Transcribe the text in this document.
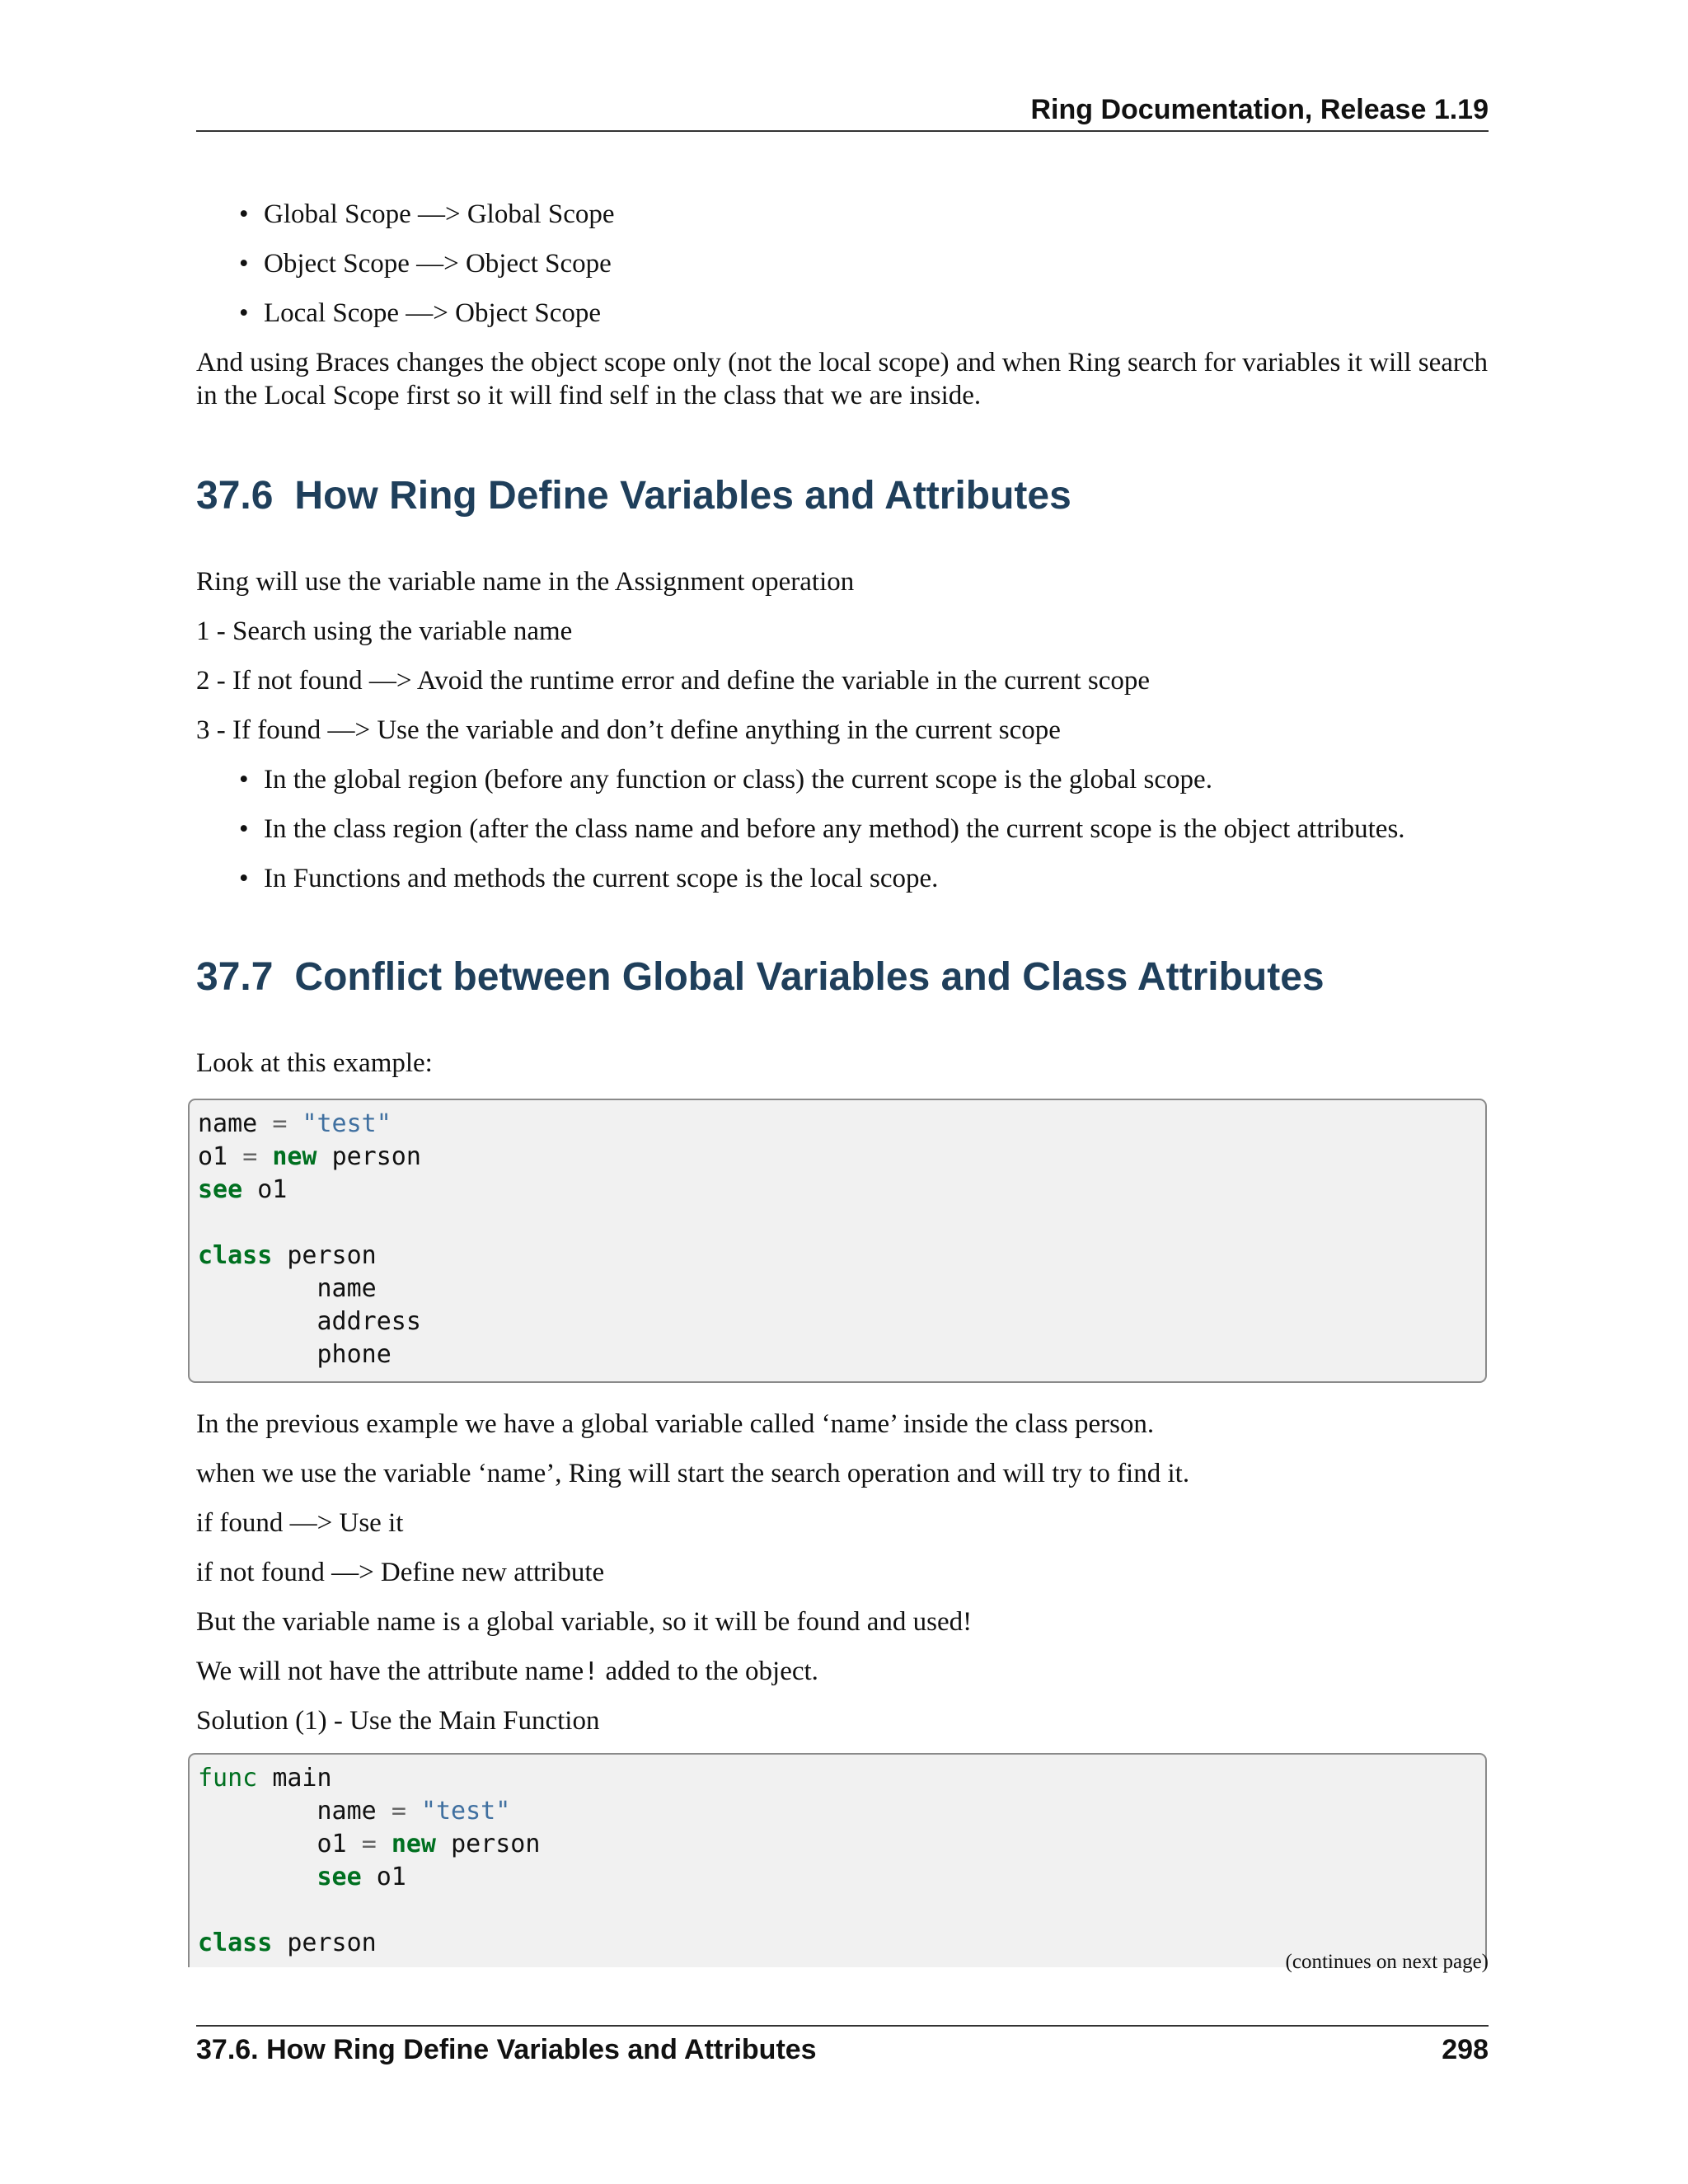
Ring Documentation, Release 1.19
• Global Scope —> Global Scope
• Object Scope —> Object Scope
• Local Scope —> Object Scope

And using Braces changes the object scope only (not the local scope) and when Ring search for variables it will search in the Local Scope first so it will find self in the class that we are inside.

37.6 How Ring Define Variables and Attributes

Ring will use the variable name in the Assignment operation

1 - Search using the variable name

2 - If not found —> Avoid the runtime error and define the variable in the current scope

3 - If found —> Use the variable and don’t define anything in the current scope

• In the global region (before any function or class) the current scope is the global scope.
• In the class region (after the class name and before any method) the current scope is the object attributes.
• In Functions and methods the current scope is the local scope.
37.7 Conflict between Global Variables and Class Attributes

Look at this example:

name = "test"
o1 = new person
see o1
class person
name
address
phone

In the previous example we have a global variable called ‘name’ inside the class person.

when we use the variable ‘name’, Ring will start the search operation and will try to find it.

if found —> Use it

if not found —> Define new attribute

But the variable name is a global variable, so it will be found and used!

We will not have the attribute name! added to the object.

Solution (1) - Use the Main Function

func main
name = "test"
o1 = new person
see o1
class person
(continues on next page)
37.6. How Ring Define Variables and Attributes	298
